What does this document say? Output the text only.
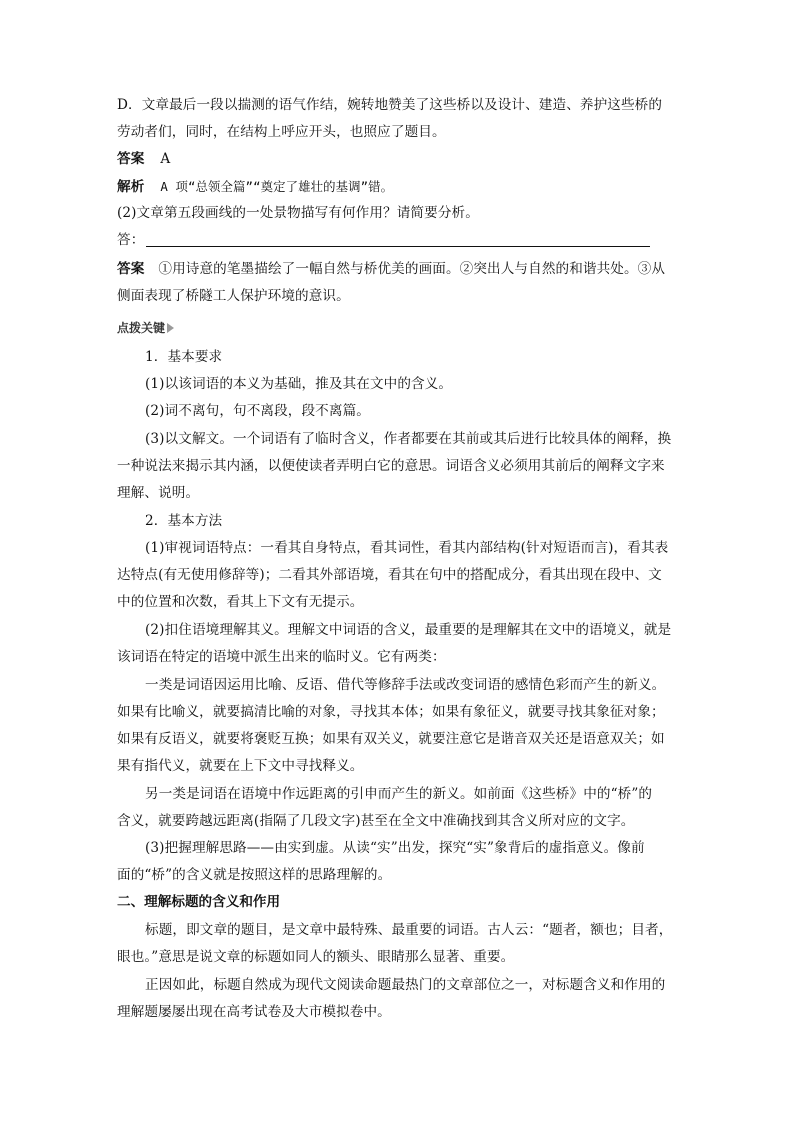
D．文章最后一段以揣测的语气作结，婉转地赞美了这些桥以及设计、建造、养护这些桥的

劳动者们，同时，在结构上呼应开头，也照应了题目。

答案 A

解析 A 项“总领全篇”“奠定了雄壮的基调”错。

(2)文章第五段画线的一处景物描写有何作用？请简要分析。

答：

答案 ①用诗意的笔墨描绘了一幅自然与桥优美的画面。②突出人与自然的和谐共处。③从

侧面表现了桥隧工人保护环境的意识。

点拨关键

1．基本要求

(1)以该词语的本义为基础，推及其在文中的含义。

(2)词不离句，句不离段，段不离篇。

(3)以文解文。一个词语有了临时含义，作者都要在其前或其后进行比较具体的阐释，换

一种说法来揭示其内涵，以便使读者弄明白它的意思。词语含义必须用其前后的阐释文字来

理解、说明。

2．基本方法

(1)审视词语特点：一看其自身特点，看其词性，看其内部结构(针对短语而言)，看其表

达特点(有无使用修辞等)；二看其外部语境，看其在句中的搭配成分，看其出现在段中、文

中的位置和次数，看其上下文有无提示。

(2)扣住语境理解其义。理解文中词语的含义，最重要的是理解其在文中的语境义，就是

该词语在特定的语境中派生出来的临时义。它有两类：

一类是词语因运用比喻、反语、借代等修辞手法或改变词语的感情色彩而产生的新义。

如果有比喻义，就要搞清比喻的对象，寻找其本体；如果有象征义，就要寻找其象征对象；

如果有反语义，就要将褒贬互换；如果有双关义，就要注意它是谐音双关还是语意双关；如

果有指代义，就要在上下文中寻找释义。

另一类是词语在语境中作远距离的引申而产生的新义。如前面《这些桥》中的“桥”的

含义，就要跨越远距离(指隔了几段文字)甚至在全文中准确找到其含义所对应的文字。

(3)把握理解思路——由实到虚。从读“实”出发，探究“实”象背后的虚指意义。像前

面的“桥”的含义就是按照这样的思路理解的。

二、理解标题的含义和作用

标题，即文章的题目，是文章中最特殊、最重要的词语。古人云：“题者，额也；目者，

眼也。”意思是说文章的标题如同人的额头、眼睛那么显著、重要。

正因如此，标题自然成为现代文阅读命题最热门的文章部位之一，对标题含义和作用的

理解题屡屡出现在高考试卷及大市模拟卷中。
